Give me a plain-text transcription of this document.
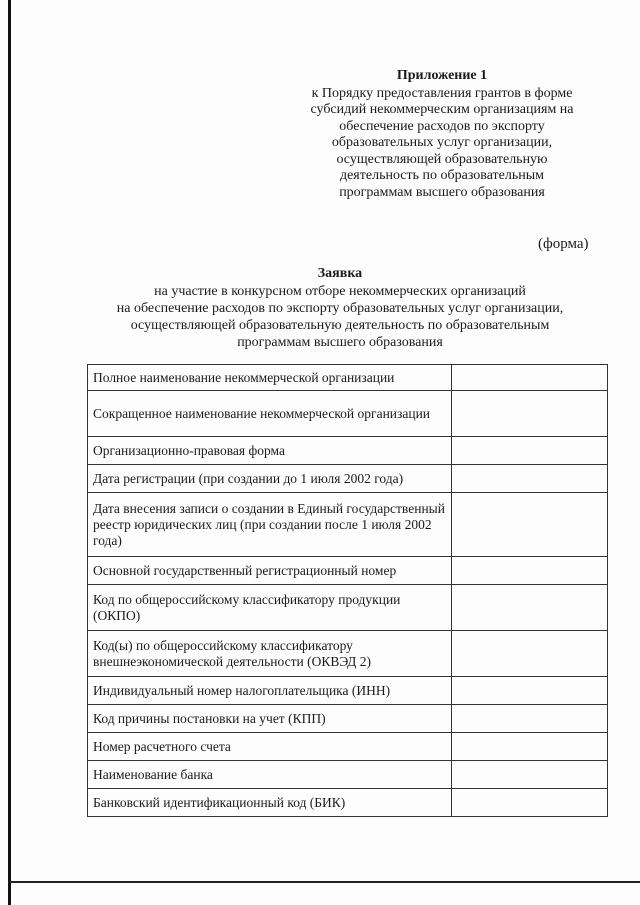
Приложение 1
к Порядку предоставления грантов в форме
субсидий некоммерческим организациям на
обеспечение расходов по экспорту
образовательных услуг организации,
осуществляющей образовательную
деятельность по образовательным
программам высшего образования
(форма)
Заявка
на участие в конкурсном отборе некоммерческих организаций
на обеспечение расходов по экспорту образовательных услуг организации,
осуществляющей образовательную деятельность по образовательным
программам высшего образования
Полное наименование некоммерческой организации	
Сокращенное наименование некоммерческой организации	
Организационно-правовая форма	
Дата регистрации (при создании до 1 июля 2002 года)	
Дата внесения записи о создании в Единый государственный реестр юридических лиц (при создании после 1 июля 2002 года)	
Основной государственный регистрационный номер	
Код по общероссийскому классификатору продукции (ОКПО)	
Код(ы) по общероссийскому классификатору внешнеэкономической деятельности (ОКВЭД 2)	
Индивидуальный номер налогоплательщика (ИНН)	
Код причины постановки на учет (КПП)	
Номер расчетного счета	
Наименование банка	
Банковский идентификационный код (БИК)	
